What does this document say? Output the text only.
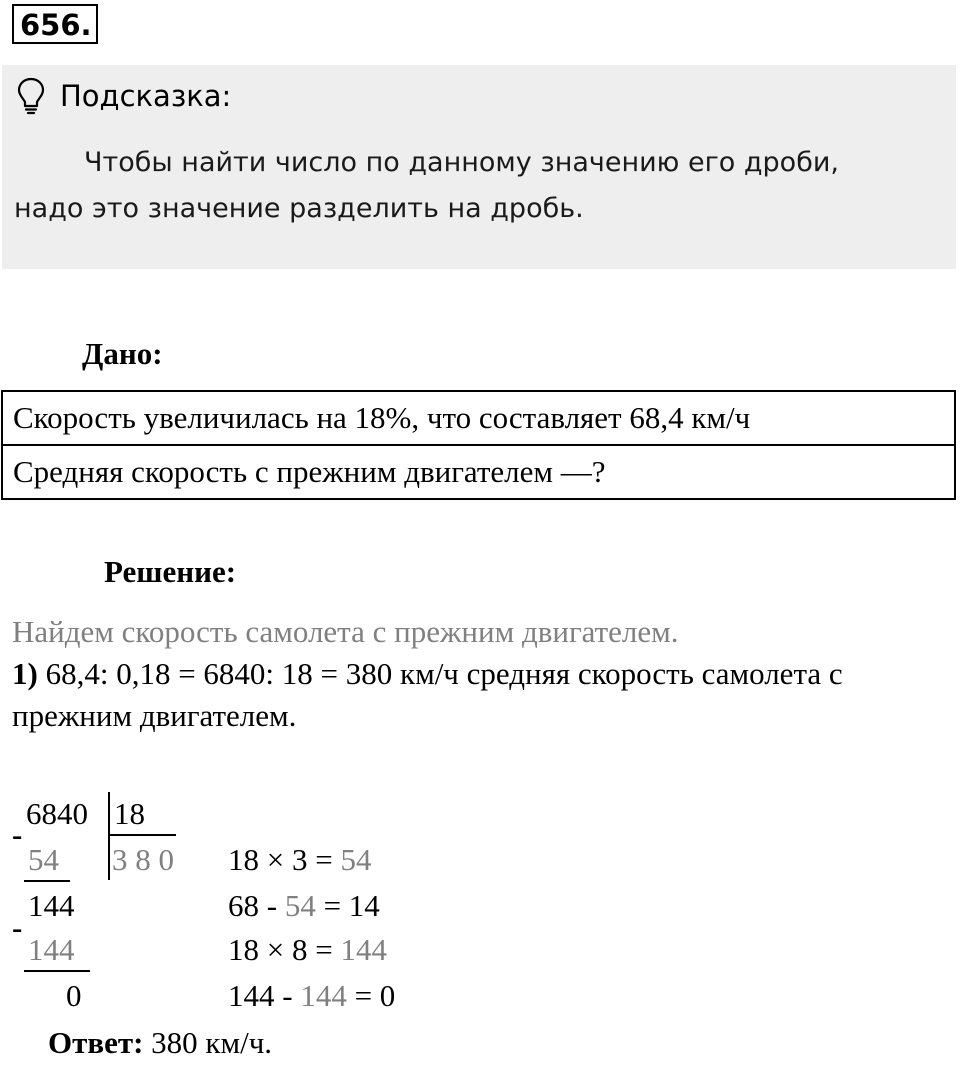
656.
Подсказка:
Чтобы найти число по данному значению его дроби,
надо это значение разделить на дробь.
Дано:
Скорость увеличилась на 18%, что составляет 68,4 км/ч
Средняя скорость с прежним двигателем —?
Решение:
Найдем скорость самолета с прежним двигателем.
1) 68,4: 0,18 = 6840: 18 = 380 км/ч средняя скорость самолета с прежним двигателем.
6840 18
3 8 0
-
54
144
-
144
0
18 × 3 = 54
68 - 54 = 14
18 × 8 = 144
144 - 144 = 0
Ответ: 380 км/ч.
